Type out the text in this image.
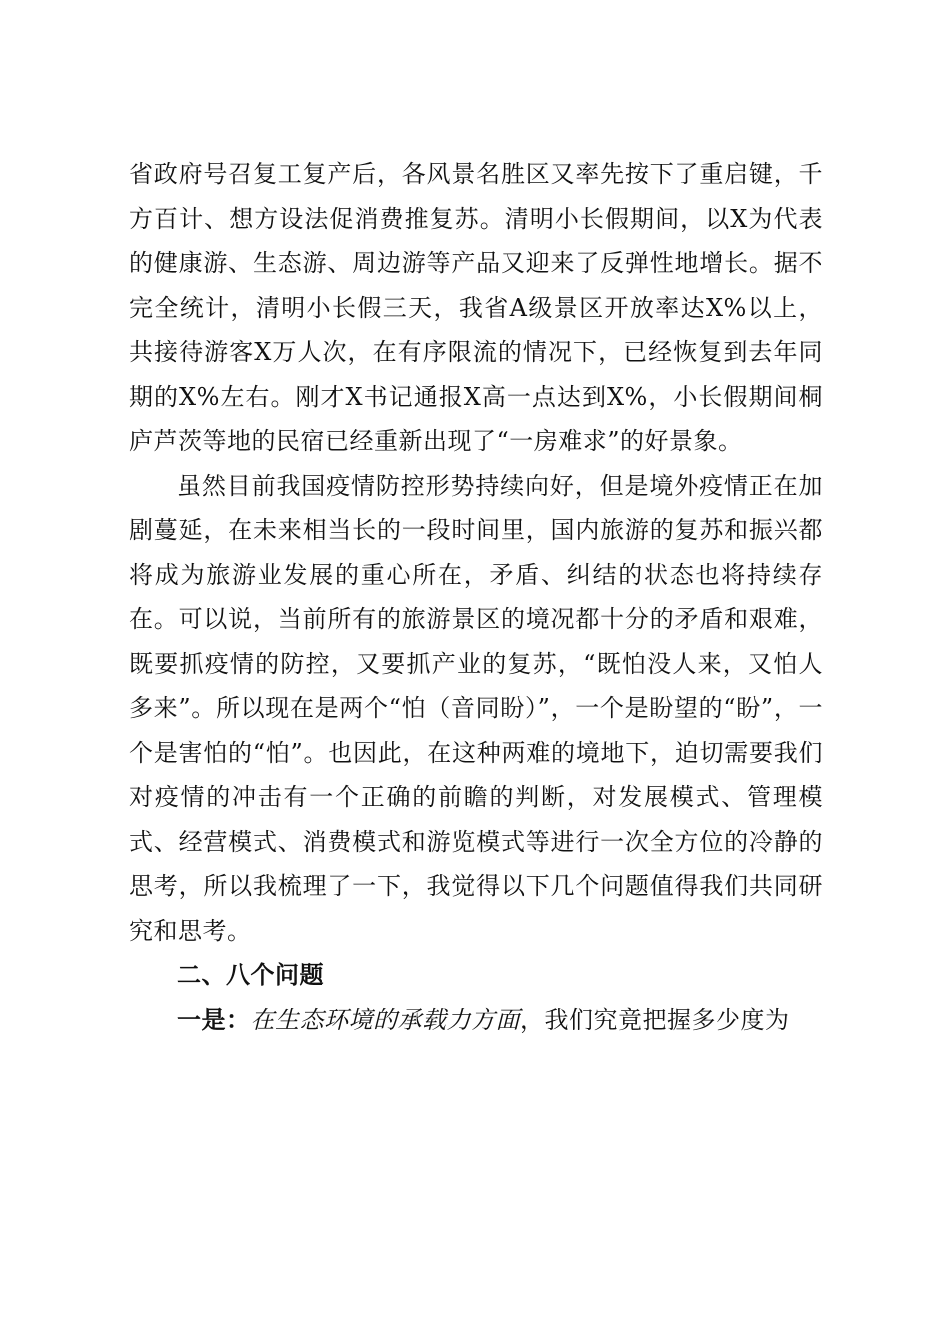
省政府号召复工复产后，各风景名胜区又率先按下了重启键，千方百计、想方设法促消费推复苏。清明小长假期间，以X为代表的健康游、生态游、周边游等产品又迎来了反弹性地增长。据不完全统计，清明小长假三天，我省A级景区开放率达X%以上，共接待游客X万人次，在有序限流的情况下，已经恢复到去年同期的X%左右。刚才X书记通报X高一点达到X%，小长假期间桐庐芦茨等地的民宿已经重新出现了“一房难求”的好景象。

虽然目前我国疫情防控形势持续向好，但是境外疫情正在加剧蔓延，在未来相当长的一段时间里，国内旅游的复苏和振兴都将成为旅游业发展的重心所在，矛盾、纠结的状态也将持续存在。可以说，当前所有的旅游景区的境况都十分的矛盾和艰难，既要抓疫情的防控，又要抓产业的复苏，“既怕没人来，又怕人多来”。所以现在是两个“怕（音同盼）”，一个是盼望的“盼”，一个是害怕的“怕”。也因此，在这种两难的境地下，迫切需要我们对疫情的冲击有一个正确的前瞻的判断，对发展模式、管理模式、经营模式、消费模式和游览模式等进行一次全方位的冷静的思考，所以我梳理了一下，我觉得以下几个问题值得我们共同研究和思考。

二、八个问题

一是：在生态环境的承载力方面，我们究竟把握多少度为
